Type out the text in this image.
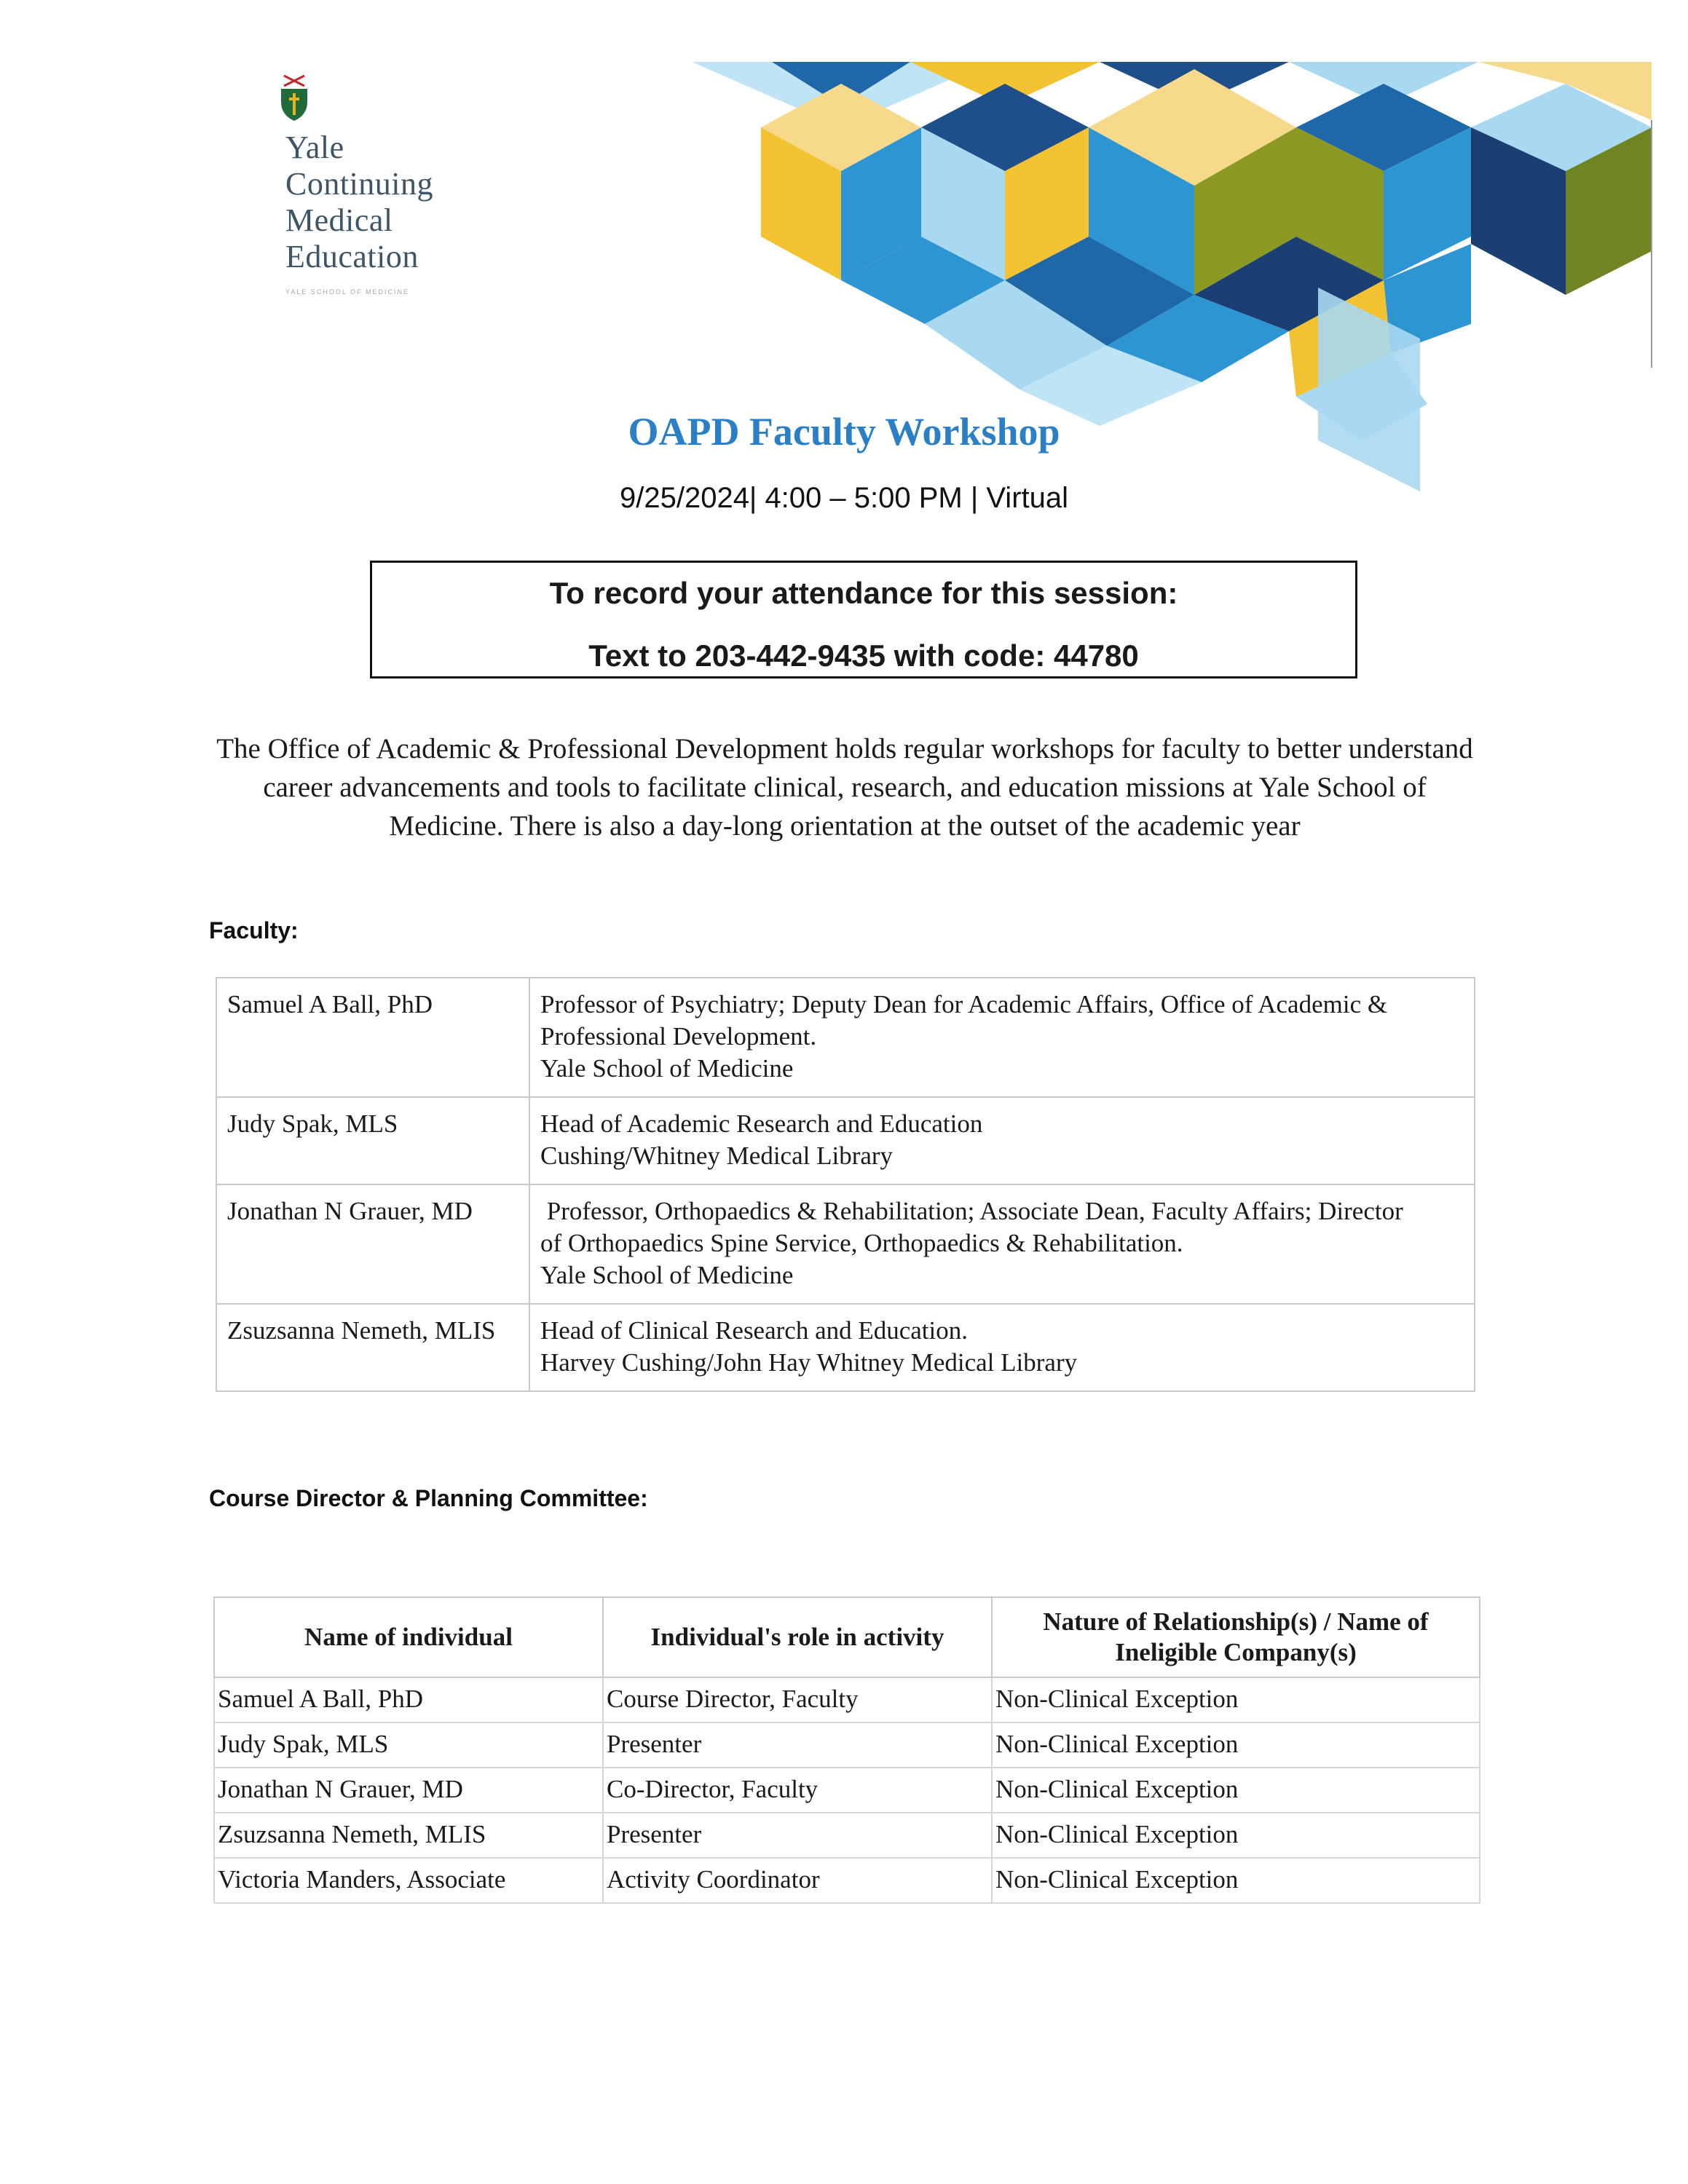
Yale
Continuing
Medical
Education
YALE SCHOOL OF MEDICINE
OAPD Faculty Workshop
9/25/2024| 4:00 – 5:00 PM | Virtual
To record your attendance for this session:
Text to 203-442-9435 with code: 44780
The Office of Academic & Professional Development holds regular workshops for faculty to better understand career advancements and tools to facilitate clinical, research, and education missions at Yale School of Medicine. There is also a day-long orientation at the outset of the academic year
Faculty:
Samuel A Ball, PhD	Professor of Psychiatry; Deputy Dean for Academic Affairs, Office of Academic &
Professional Development.
Yale School of Medicine

Judy Spak, MLS	Head of Academic Research and Education
Cushing/Whitney Medical Library

Jonathan N Grauer, MD	Professor, Orthopaedics & Rehabilitation; Associate Dean, Faculty Affairs; Director
of Orthopaedics Spine Service, Orthopaedics & Rehabilitation.
Yale School of Medicine

Zsuzsanna Nemeth, MLIS	Head of Clinical Research and Education.
Harvey Cushing/John Hay Whitney Medical Library
Course Director & Planning Committee:
Name of individual	Individual's role in activity	Nature of Relationship(s) / Name of Ineligible Company(s)
Samuel A Ball, PhD	Course Director, Faculty	Non-Clinical Exception
Judy Spak, MLS	Presenter	Non-Clinical Exception
Jonathan N Grauer, MD	Co-Director, Faculty	Non-Clinical Exception
Zsuzsanna Nemeth, MLIS	Presenter	Non-Clinical Exception
Victoria Manders, Associate	Activity Coordinator	Non-Clinical Exception
